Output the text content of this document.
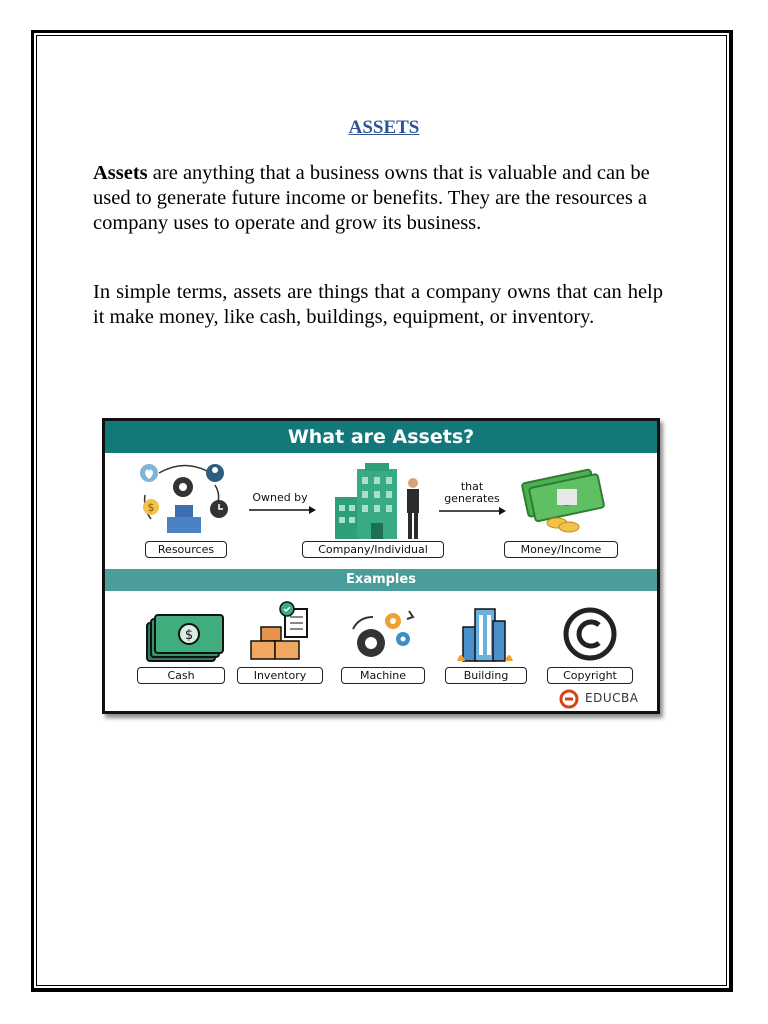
ASSETS

Assets are anything that a business owns that is valuable and can be used to generate future income or benefits. They are the resources a company uses to operate and grow its business.

In simple terms, assets are things that a company owns that can help it make money, like cash, buildings, equipment, or inventory.

What are Assets?
$
Resources
Owned by
Company/Individual
that
generates
Money/Income
Examples
$
Cash	Inventory	Machine	Building	Copyright
EDUCBA
